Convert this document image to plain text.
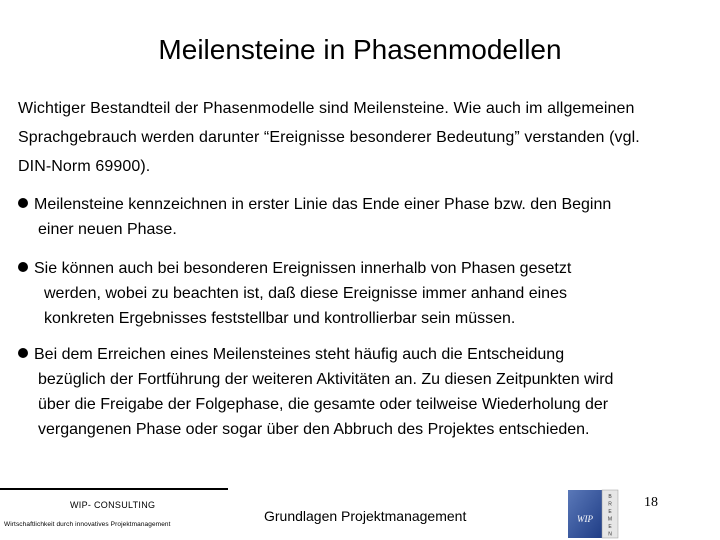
Meilensteine in Phasenmodellen
Wichtiger Bestandteil der Phasenmodelle sind Meilensteine. Wie auch im allgemeinen
Sprachgebrauch werden darunter “Ereignisse besonderer Bedeutung” verstanden (vgl.
DIN-Norm 69900).
Meilensteine kennzeichnen in erster Linie das Ende einer Phase bzw. den Beginn
einer neuen Phase.
Sie können auch bei besonderen Ereignissen innerhalb von Phasen gesetzt
werden, wobei zu beachten ist, daß diese Ereignisse immer anhand eines
konkreten Ergebnisses feststellbar und kontrollierbar sein müssen.
Bei dem Erreichen eines Meilensteines steht häufig auch die Entscheidung
bezüglich der Fortführung der weiteren Aktivitäten an. Zu diesen Zeitpunkten wird
über die Freigabe der Folgephase, die gesamte oder teilweise Wiederholung der
vergangenen Phase oder sogar über den Abbruch des Projektes entschieden.
WIP- CONSULTING
Wirtschaftlichkeit durch innovatives Projektmanagement
Grundlagen Projektmanagement	WIP
B
R
E
M
E
N
18
